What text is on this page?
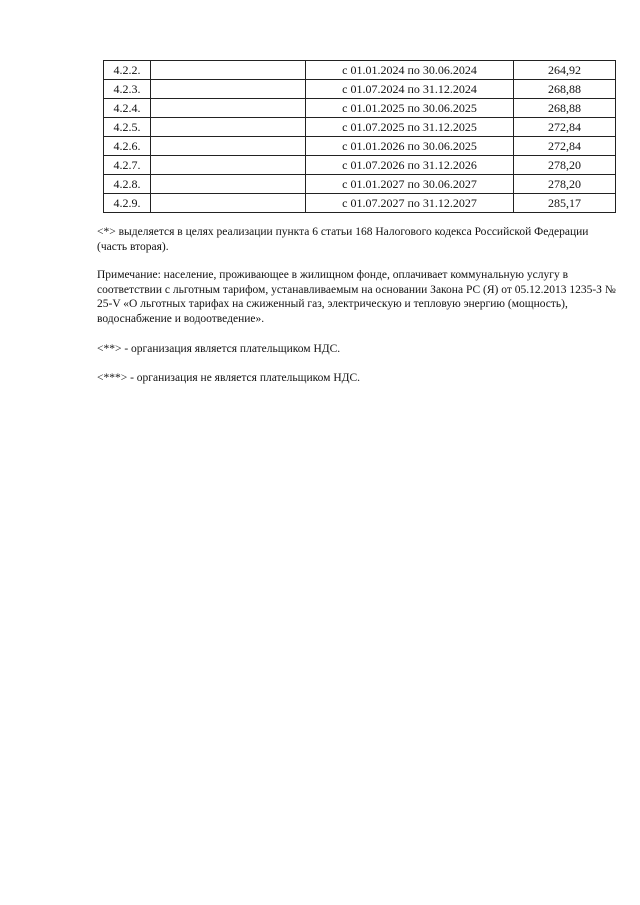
4.2.2.		с 01.01.2024 по 30.06.2024	264,92
4.2.3.		с 01.07.2024 по 31.12.2024	268,88
4.2.4.		с 01.01.2025 по 30.06.2025	268,88
4.2.5.		с 01.07.2025 по 31.12.2025	272,84
4.2.6.		с 01.01.2026 по 30.06.2025	272,84
4.2.7.		с 01.07.2026 по 31.12.2026	278,20
4.2.8.		с 01.01.2027 по 30.06.2027	278,20
4.2.9.		с 01.07.2027 по 31.12.2027	285,17

<*> выделяется в целях реализации пункта 6 статьи 168 Налогового кодекса Российской Федерации (часть вторая).

Примечание: население, проживающее в жилищном фонде, оплачивает коммунальную услугу в соответствии с льготным тарифом, устанавливаемым на основании Закона РС (Я) от 05.12.2013 1235-З № 25-V «О льготных тарифах на сжиженный газ, электрическую и тепловую энергию (мощность), водоснабжение и водоотведение».

<**> - организация является плательщиком НДС.

<***> - организация не является плательщиком НДС.
